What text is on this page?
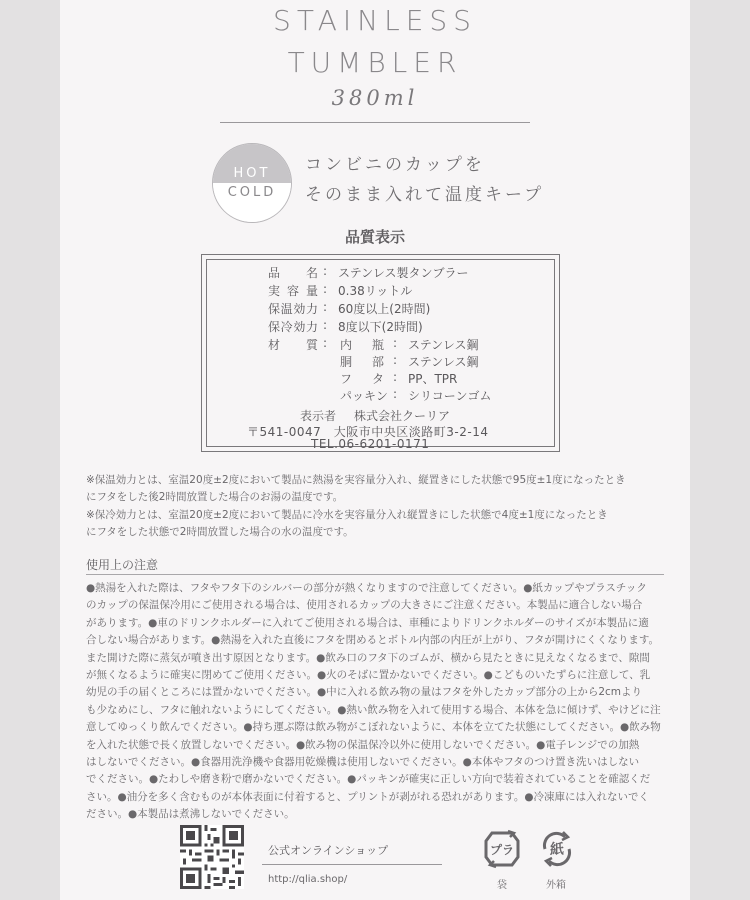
STAINLESS
TUMBLER
380ml
HOT
COLD
コンビニのカップを
そのまま入れて温度キープ
品質表示
品名 : ステンレス製タンブラー
実容量 : 0.38リットル
保温効力 : 60度以上(2時間)
保冷効力 : 8度以下(2時間)
材質 : 内瓶 : ステンレス鋼
胴部 : ステンレス鋼
フタ : PP、TPR
パッキン : シリコーンゴム
表示者 株式会社クーリア
〒541-0047　大阪市中央区淡路町3-2-14
TEL.06-6201-0171
※保温効力とは、室温20度±2度において製品に熱湯を実容量分入れ、縦置きにした状態で95度±1度になったとき
にフタをした後2時間放置した場合のお湯の温度です。
※保冷効力とは、室温20度±2度において製品に冷水を実容量分入れ縦置きにした状態で4度±1度になったとき
にフタをした状態で2時間放置した場合の水の温度です。
使用上の注意
●熱湯を入れた際は、フタやフタ下のシルバーの部分が熱くなりますので注意してください。●紙カップやプラスチック
のカップの保温保冷用にご使用される場合は、使用されるカップの大きさにご注意ください。本製品に適合しない場合
があります。●車のドリンクホルダーに入れてご使用される場合は、車種によりドリンクホルダーのサイズが本製品に適
合しない場合があります。●熱湯を入れた直後にフタを閉めるとボトル内部の内圧が上がり、フタが開けにくくなります。
また開けた際に蒸気が噴き出す原因となります。●飲み口のフタ下のゴムが、横から見たときに見えなくなるまで、隙間
が無くなるように確実に閉めてご使用ください。●火のそばに置かないでください。●こどものいたずらに注意して、乳
幼児の手の届くところには置かないでください。●中に入れる飲み物の量はフタを外したカップ部分の上から2cmより
も少なめにし、フタに触れないようにしてください。●熱い飲み物を入れて使用する場合、本体を急に傾けず、やけどに注
意してゆっくり飲んでください。●持ち運ぶ際は飲み物がこぼれないように、本体を立てた状態にしてください。●飲み物
を入れた状態で長く放置しないでください。●飲み物の保温保冷以外に使用しないでください。●電子レンジでの加熱
はしないでください。●食器用洗浄機や食器用乾燥機は使用しないでください。●本体やフタのつけ置き洗いはしない
でください。●たわしや磨き粉で磨かないでください。●パッキンが確実に正しい方向で装着されていることを確認くだ
さい。●油分を多く含むものが本体表面に付着すると、プリントが剥がれる恐れがあります。●冷凍庫には入れないでく
ださい。●本製品は煮沸しないでください。
公式オンラインショップ
http://qlia.shop/
プラ
袋
紙
外箱
